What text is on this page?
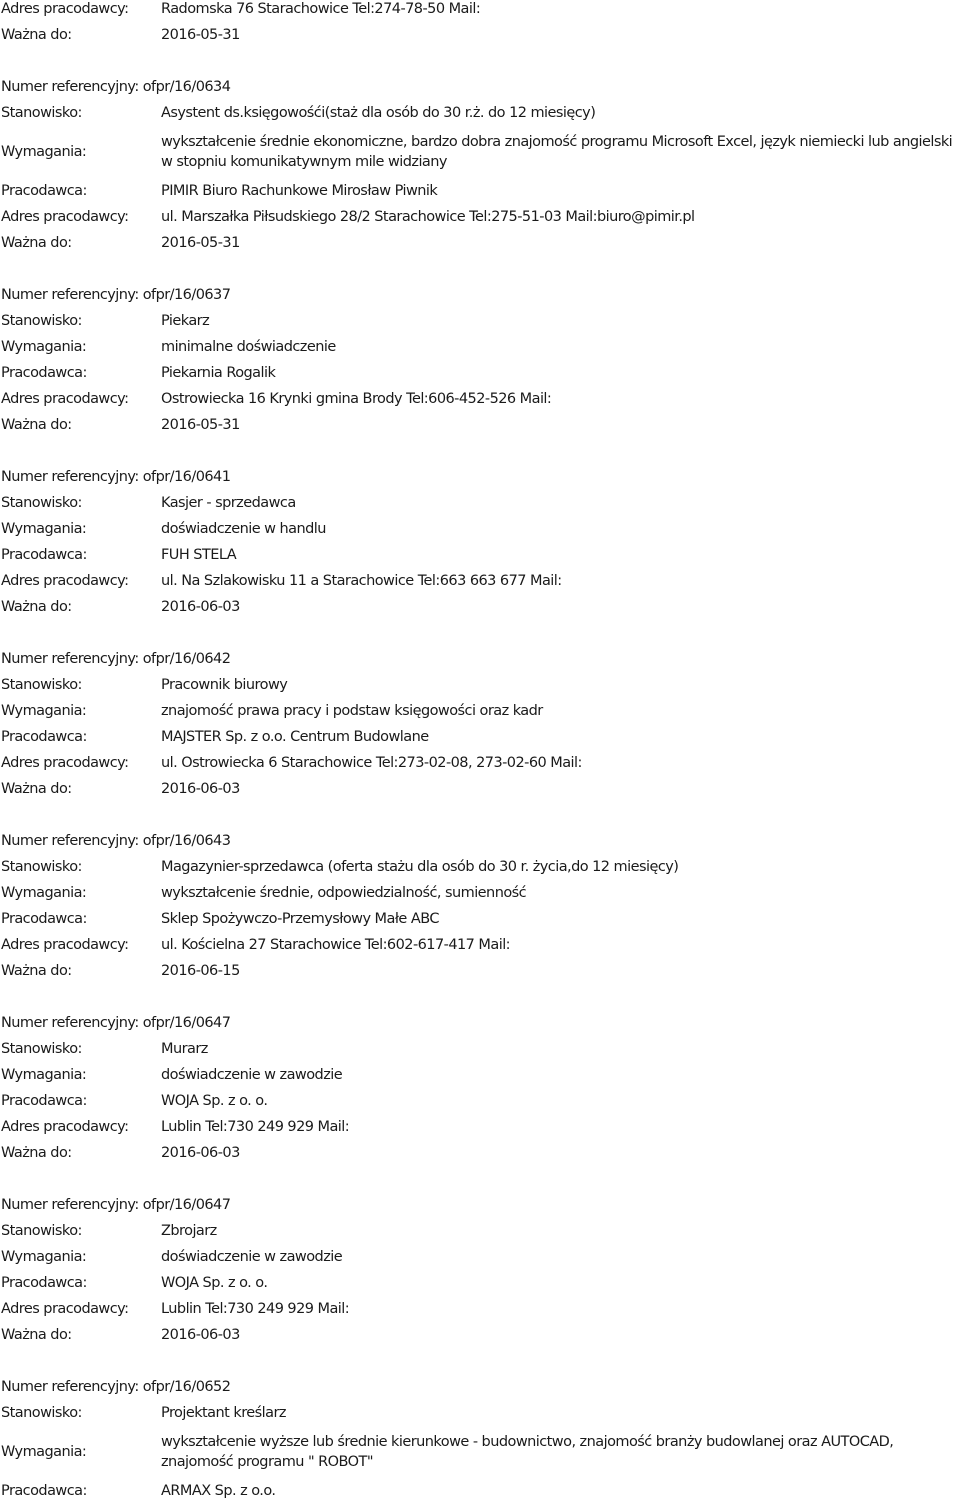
Adres pracodawcy:	Radomska 76 Starachowice Tel:274-78-50 Mail:
Ważna do:	2016-05-31
Numer referencyjny: ofpr/16/0634
Stanowisko:	Asystent ds.księgowośći(staż dla osób do 30 r.ż. do 12 miesięcy)
Wymagania:
wykształcenie średnie ekonomiczne, bardzo dobra znajomość programu Microsoft Excel, język niemiecki lub angielski w stopniu komunikatywnym mile widziany
Pracodawca:	PIMIR Biuro Rachunkowe Mirosław Piwnik
Adres pracodawcy:	ul. Marszałka Piłsudskiego 28/2 Starachowice Tel:275-51-03 Mail:biuro@pimir.pl
Ważna do:	2016-05-31
Numer referencyjny: ofpr/16/0637
Stanowisko:	Piekarz
Wymagania:	minimalne doświadczenie
Pracodawca:	Piekarnia Rogalik
Adres pracodawcy:	Ostrowiecka 16 Krynki gmina Brody Tel:606-452-526 Mail:
Ważna do:	2016-05-31
Numer referencyjny: ofpr/16/0641
Stanowisko:	Kasjer - sprzedawca
Wymagania:	doświadczenie w handlu
Pracodawca:	FUH STELA
Adres pracodawcy:	ul. Na Szlakowisku 11 a Starachowice Tel:663 663 677 Mail:
Ważna do:	2016-06-03
Numer referencyjny: ofpr/16/0642
Stanowisko:	Pracownik biurowy
Wymagania:	znajomość prawa pracy i podstaw księgowości oraz kadr
Pracodawca:	MAJSTER Sp. z o.o. Centrum Budowlane
Adres pracodawcy:	ul. Ostrowiecka 6 Starachowice Tel:273-02-08, 273-02-60 Mail:
Ważna do:	2016-06-03
Numer referencyjny: ofpr/16/0643
Stanowisko:	Magazynier-sprzedawca (oferta stażu dla osób do 30 r. życia,do 12 miesięcy)
Wymagania:	wykształcenie średnie, odpowiedzialność, sumienność
Pracodawca:	Sklep Spożywczo-Przemysłowy Małe ABC
Adres pracodawcy:	ul. Kościelna 27 Starachowice Tel:602-617-417 Mail:
Ważna do:	2016-06-15
Numer referencyjny: ofpr/16/0647
Stanowisko:	Murarz
Wymagania:	doświadczenie w zawodzie
Pracodawca:	WOJA Sp. z o. o.
Adres pracodawcy:	Lublin Tel:730 249 929 Mail:
Ważna do:	2016-06-03
Numer referencyjny: ofpr/16/0647
Stanowisko:	Zbrojarz
Wymagania:	doświadczenie w zawodzie
Pracodawca:	WOJA Sp. z o. o.
Adres pracodawcy:	Lublin Tel:730 249 929 Mail:
Ważna do:	2016-06-03
Numer referencyjny: ofpr/16/0652
Stanowisko:	Projektant kreślarz
Wymagania:
wykształcenie wyższe lub średnie kierunkowe - budownictwo, znajomość branży budowlanej oraz AUTOCAD, znajomość programu " ROBOT"
Pracodawca:	ARMAX Sp. z o.o.
